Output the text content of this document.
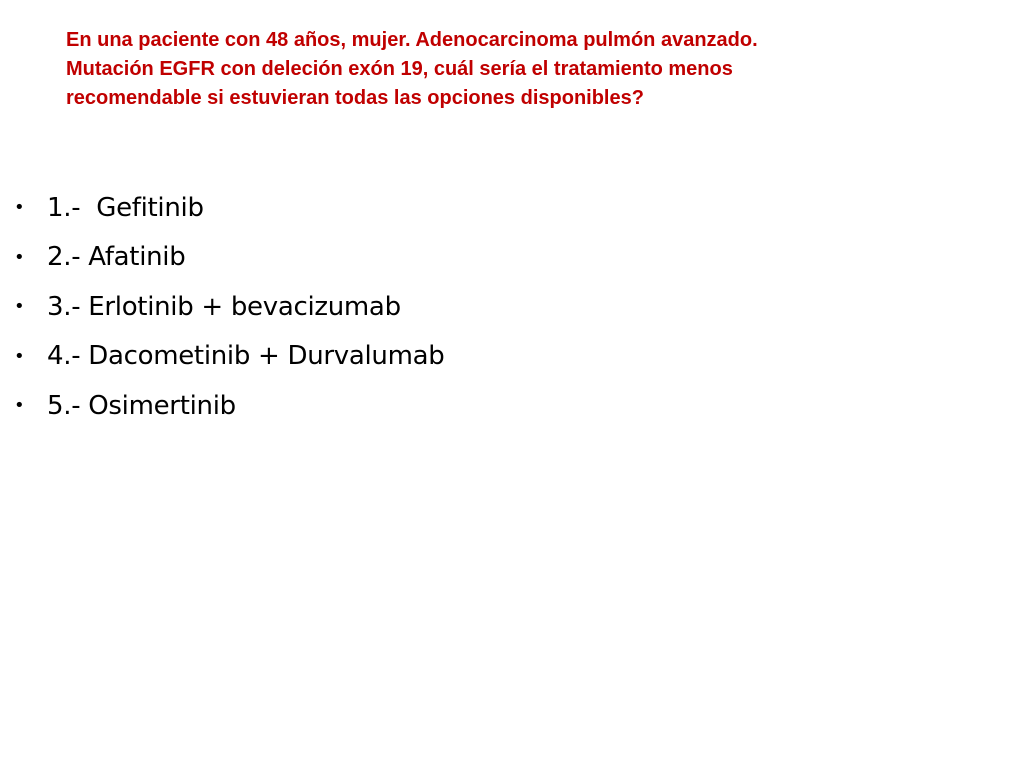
En una paciente con 48 años, mujer. Adenocarcinoma pulmón avanzado.
Mutación EGFR con deleción exón 19, cuál sería el tratamiento menos
recomendable si estuvieran todas las opciones disponibles?

• 1.-  Gefitinib
• 2.- Afatinib
• 3.- Erlotinib + bevacizumab
• 4.- Dacometinib + Durvalumab
• 5.- Osimertinib
